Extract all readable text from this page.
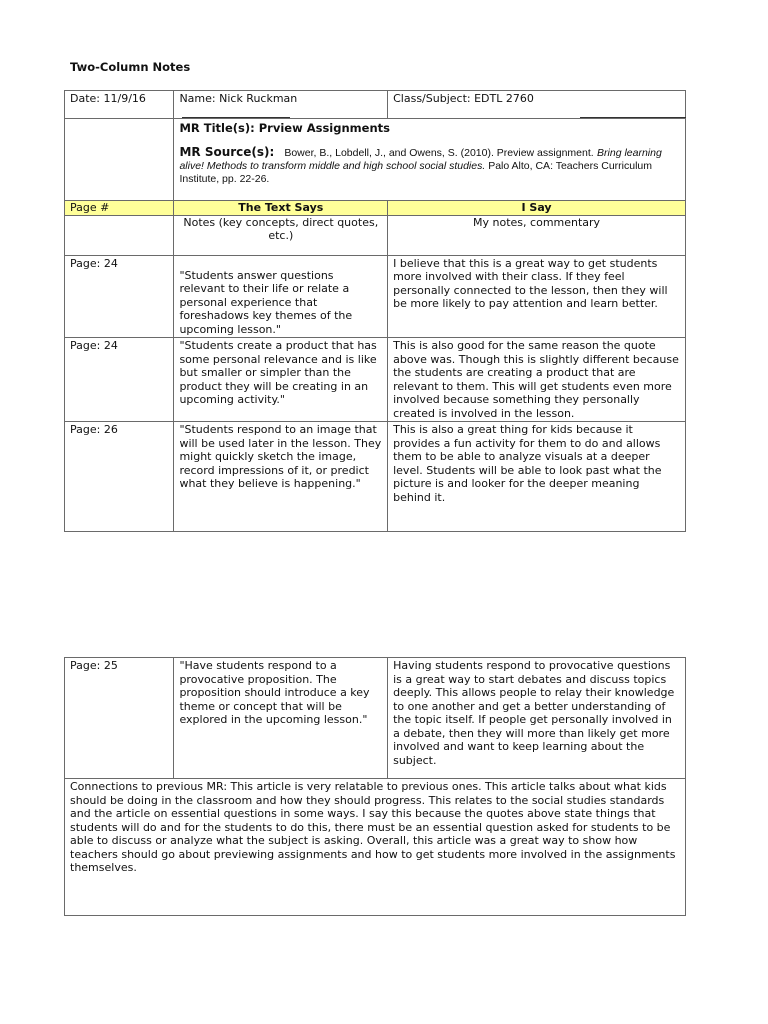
Two-Column Notes
Date: 11/9/16	Name: Nick Ruckman	Class/Subject: EDTL 2760

	MR Title(s): Prview Assignments
MR Source(s): Bower, B., Lobdell, J., and Owens, S. (2010). Preview assignment. Bring learning alive! Methods to transform middle and high school social studies. Palo Alto, CA: Teachers Curriculum Institute, pp. 22-26.	

Page #	The Text Says	I Say
	Notes (key concepts, direct quotes, etc.)	My notes, commentary
Page: 24	"Students answer questions relevant to their life or relate a personal experience that foreshadows key themes of the upcoming lesson."	I believe that this is a great way to get students more involved with their class. If they feel personally connected to the lesson, then they will be more likely to pay attention and learn better.
Page: 24	"Students create a product that has some personal relevance and is like but smaller or simpler than the product they will be creating in an upcoming activity."	This is also good for the same reason the quote above was. Though this is slightly different because the students are creating a product that are relevant to them. This will get students even more involved because something they personally created is involved in the lesson.
Page: 26	"Students respond to an image that will be used later in the lesson. They might quickly sketch the image, record impressions of it, or predict what they believe is happening."	This is also a great thing for kids because it provides a fun activity for them to do and allows them to be able to analyze visuals at a deeper level. Students will be able to look past what the picture is and looker for the deeper meaning behind it.
Page: 25	"Have students respond to a provocative proposition. The proposition should introduce a key theme or concept that will be explored in the upcoming lesson."	Having students respond to provocative questions is a great way to start debates and discuss topics deeply. This allows people to relay their knowledge to one another and get a better understanding of the topic itself. If people get personally involved in a debate, then they will more than likely get more involved and want to keep learning about the subject.
Connections to previous MR: This article is very relatable to previous ones. This article talks about what kids should be doing in the classroom and how they should progress. This relates to the social studies standards and the article on essential questions in some ways. I say this because the quotes above state things that students will do and for the students to do this, there must be an essential question asked for students to be able to discuss or analyze what the subject is asking. Overall, this article was a great way to show how teachers should go about previewing assignments and how to get students more involved in the assignments themselves.
